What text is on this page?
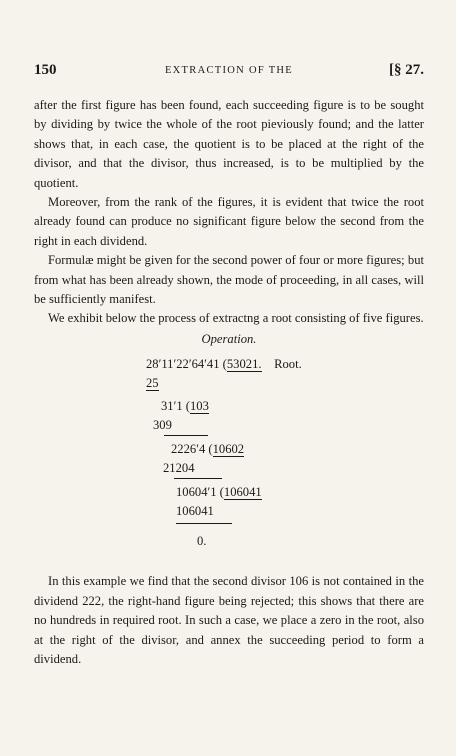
150	EXTRACTION OF THE	[§ 27.

after the first figure has been found, each succeeding figure is to be sought by dividing by twice the whole of the root pieviously found; and the latter shows that, in each case, the quotient is to be placed at the right of the divisor, and that the divisor, thus increased, is to be multiplied by the quotient.

Moreover, from the rank of the figures, it is evident that twice the root already found can produce no significant figure below the second from the right in each dividend.

Formulæ might be given for the second power of four or more figures; but from what has been already shown, the mode of proceeding, in all cases, will be sufficiently manifest.

We exhibit below the process of extractng a root consisting of five figures.

Operation.
28′11′22′64′41 (53021. Root.
25
31′1 (103
309
2226′4 (10602
21204
10604′1 (106041
106041
0.

In this example we find that the second divisor 106 is not contained in the dividend 222, the right-hand figure being rejected; this shows that there are no hundreds in required root. In such a case, we place a zero in the root, also at the right of the divisor, and annex the succeeding period to form a dividend.
